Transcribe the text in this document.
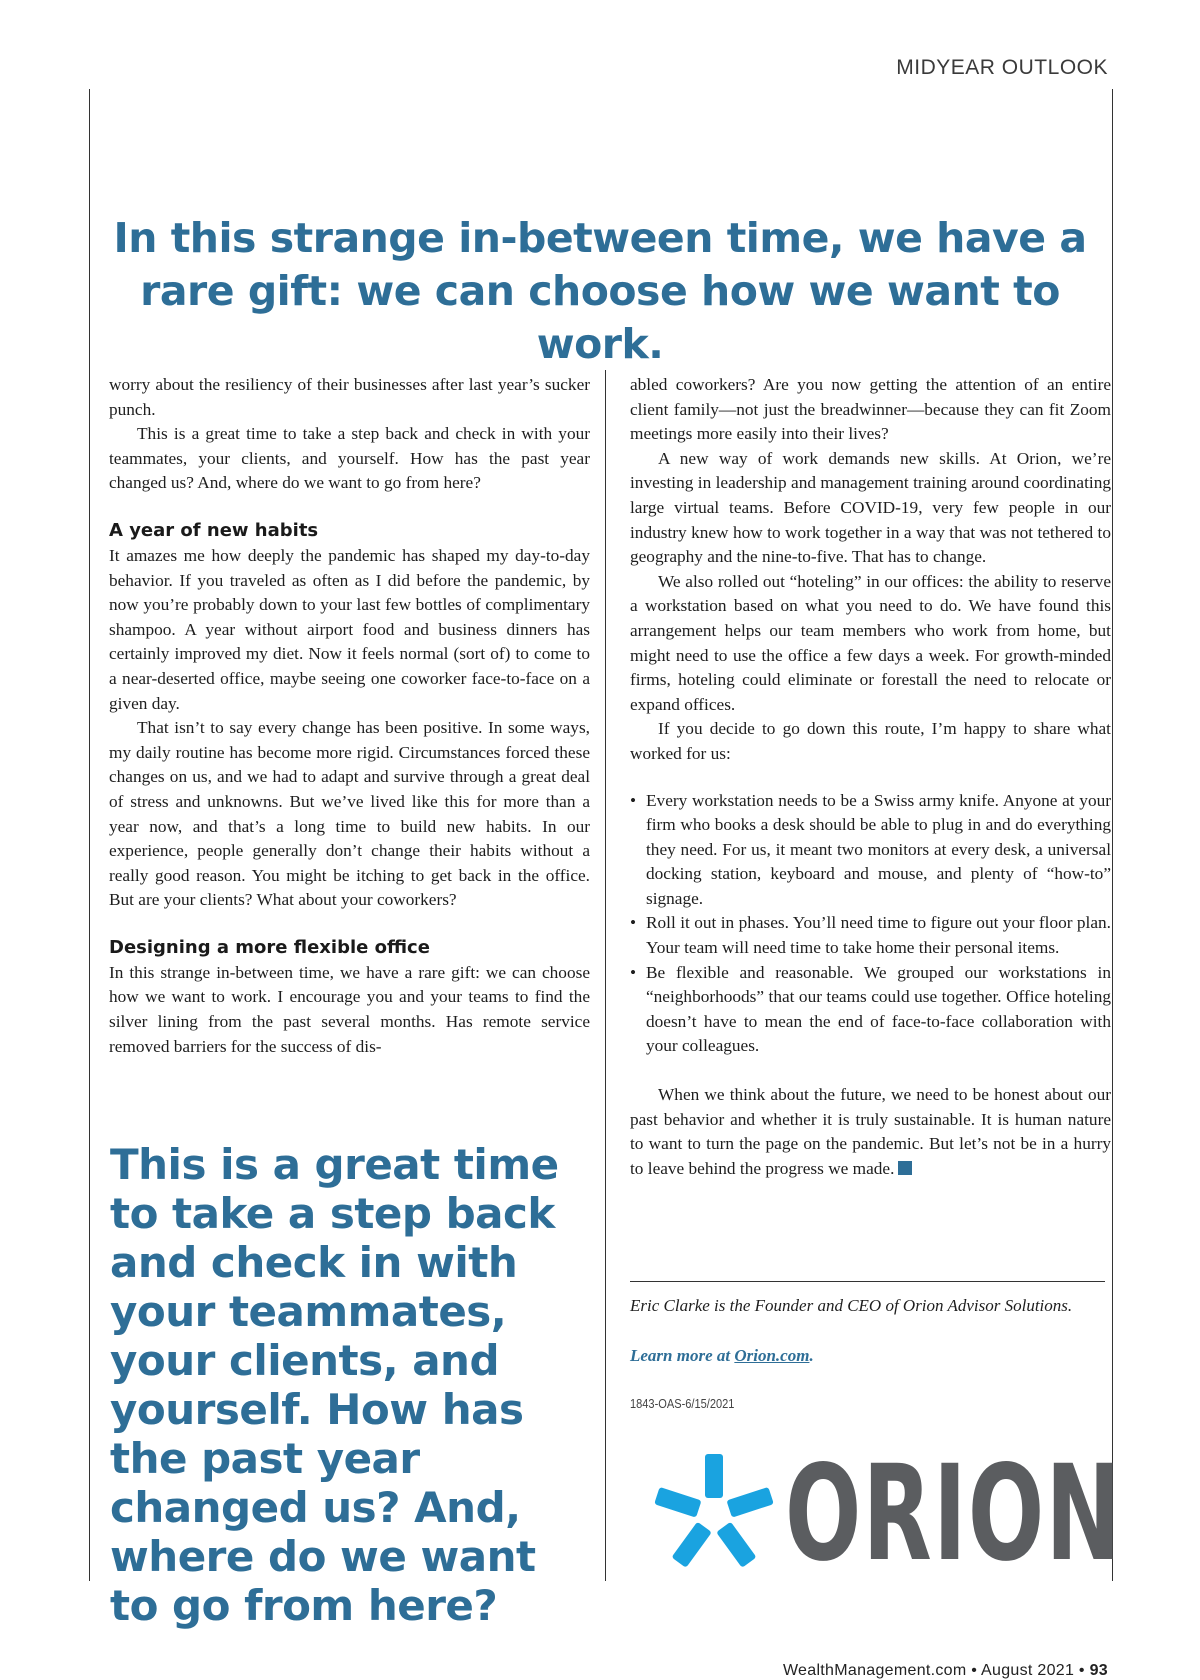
MIDYEAR OUTLOOK
In this strange in-between time, we have a
rare gift: we can choose how we want to work.

worry about the resiliency of their businesses after last year’s sucker punch.

This is a great time to take a step back and check in with your teammates, your clients, and yourself. How has the past year changed us? And, where do we want to go from here?

A year of new habits

It amazes me how deeply the pandemic has shaped my day-to-day behavior. If you traveled as often as I did before the pandemic, by now you’re probably down to your last few bottles of complimentary shampoo. A year without airport food and business dinners has certainly improved my diet. Now it feels normal (sort of) to come to a near-deserted office, maybe seeing one coworker face-to-face on a given day.

That isn’t to say every change has been positive. In some ways, my daily routine has become more rigid. Circumstances forced these changes on us, and we had to adapt and survive through a great deal of stress and unknowns. But we’ve lived like this for more than a year now, and that’s a long time to build new habits. In our experience, people generally don’t change their habits without a really good reason. You might be itching to get back in the office. But are your clients? What about your coworkers?

Designing a more flexible office

In this strange in-between time, we have a rare gift: we can choose how we want to work. I encourage you and your teams to find the silver lining from the past several months. Has remote service removed barriers for the success of dis-

This is a great time to take a step back and check in with your teammates, your clients, and yourself. How has the past year changed us? And, where do we want to go from here?

abled coworkers? Are you now getting the attention of an entire client family—not just the breadwinner—because they can fit Zoom meetings more easily into their lives?

A new way of work demands new skills. At Orion, we’re investing in leadership and management training around coordinating large virtual teams. Before COVID-19, very few people in our industry knew how to work together in a way that was not tethered to geography and the nine-to-five. That has to change.

We also rolled out “hoteling” in our offices: the ability to reserve a workstation based on what you need to do. We have found this arrangement helps our team members who work from home, but might need to use the office a few days a week. For growth-minded firms, hoteling could eliminate or forestall the need to relocate or expand offices.

If you decide to go down this route, I’m happy to share what worked for us:

• Every workstation needs to be a Swiss army knife. Anyone at your firm who books a desk should be able to plug in and do everything they need. For us, it meant two monitors at every desk, a universal docking station, keyboard and mouse, and plenty of “how-to” signage.
• Roll it out in phases. You’ll need time to figure out your floor plan. Your team will need time to take home their personal items.
• Be flexible and reasonable. We grouped our workstations in “neighborhoods” that our teams could use together. Office hoteling doesn’t have to mean the end of face-to-face collaboration with your colleagues.

When we think about the future, we need to be honest about our past behavior and whether it is truly sustainable. It is human nature to want to turn the page on the pandemic. But let’s not be in a hurry to leave behind the progress we made.

Eric Clarke is the Founder and CEO of Orion Advisor Solutions.
Learn more at Orion.com.
1843-OAS-6/15/2021
ORION
WealthManagement.com • August 2021 • 93
